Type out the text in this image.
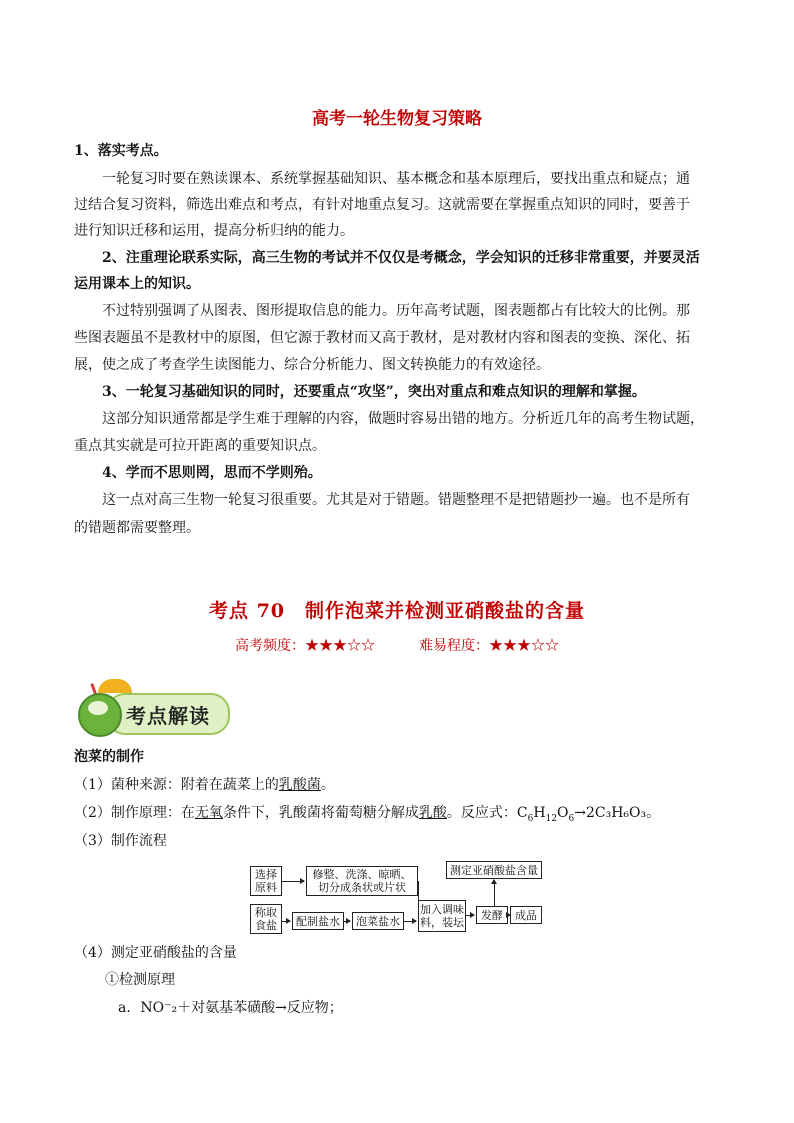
高考一轮生物复习策略
1、落实考点。
一轮复习时要在熟读课本、系统掌握基础知识、基本概念和基本原理后，要找出重点和疑点；通
过结合复习资料，筛选出难点和考点，有针对地重点复习。这就需要在掌握重点知识的同时，要善于
进行知识迁移和运用，提高分析归纳的能力。
2、注重理论联系实际，高三生物的考试并不仅仅是考概念，学会知识的迁移非常重要，并要灵活
运用课本上的知识。
不过特别强调了从图表、图形提取信息的能力。历年高考试题，图表题都占有比较大的比例。那
些图表题虽不是教材中的原图，但它源于教材而又高于教材，是对教材内容和图表的变换、深化、拓
展，使之成了考查学生读图能力、综合分析能力、图文转换能力的有效途径。
3、一轮复习基础知识的同时，还要重点“攻坚”，突出对重点和难点知识的理解和掌握。
这部分知识通常都是学生难于理解的内容，做题时容易出错的地方。分析近几年的高考生物试题，
重点其实就是可拉开距离的重要知识点。
4、学而不思则罔，思而不学则殆。
这一点对高三生物一轮复习很重要。尤其是对于错题。错题整理不是把错题抄一遍。也不是所有
的错题都需要整理。
考点 70　制作泡菜并检测亚硝酸盐的含量
高考频度：★★★☆☆	难易程度：★★★☆☆
考点解读
泡菜的制作
（1）菌种来源：附着在蔬菜上的乳酸菌。
（2）制作原理：在无氧条件下，乳酸菌将葡萄糖分解成乳酸。反应式：$C_6H_{12}O_6\to 2C_3H_6O_3$。
（3）制作流程
选择
原料
修整、洗涤、晾晒、
切分成条状或片状
称取
食盐	配制盐水	泡菜盐水
加入调味
料，装坛
发酵	成品
测定亚硝酸盐含量
（4）测定亚硝酸盐的含量
①检测原理
a．NO⁻₂＋对氨基苯磺酸→反应物；
